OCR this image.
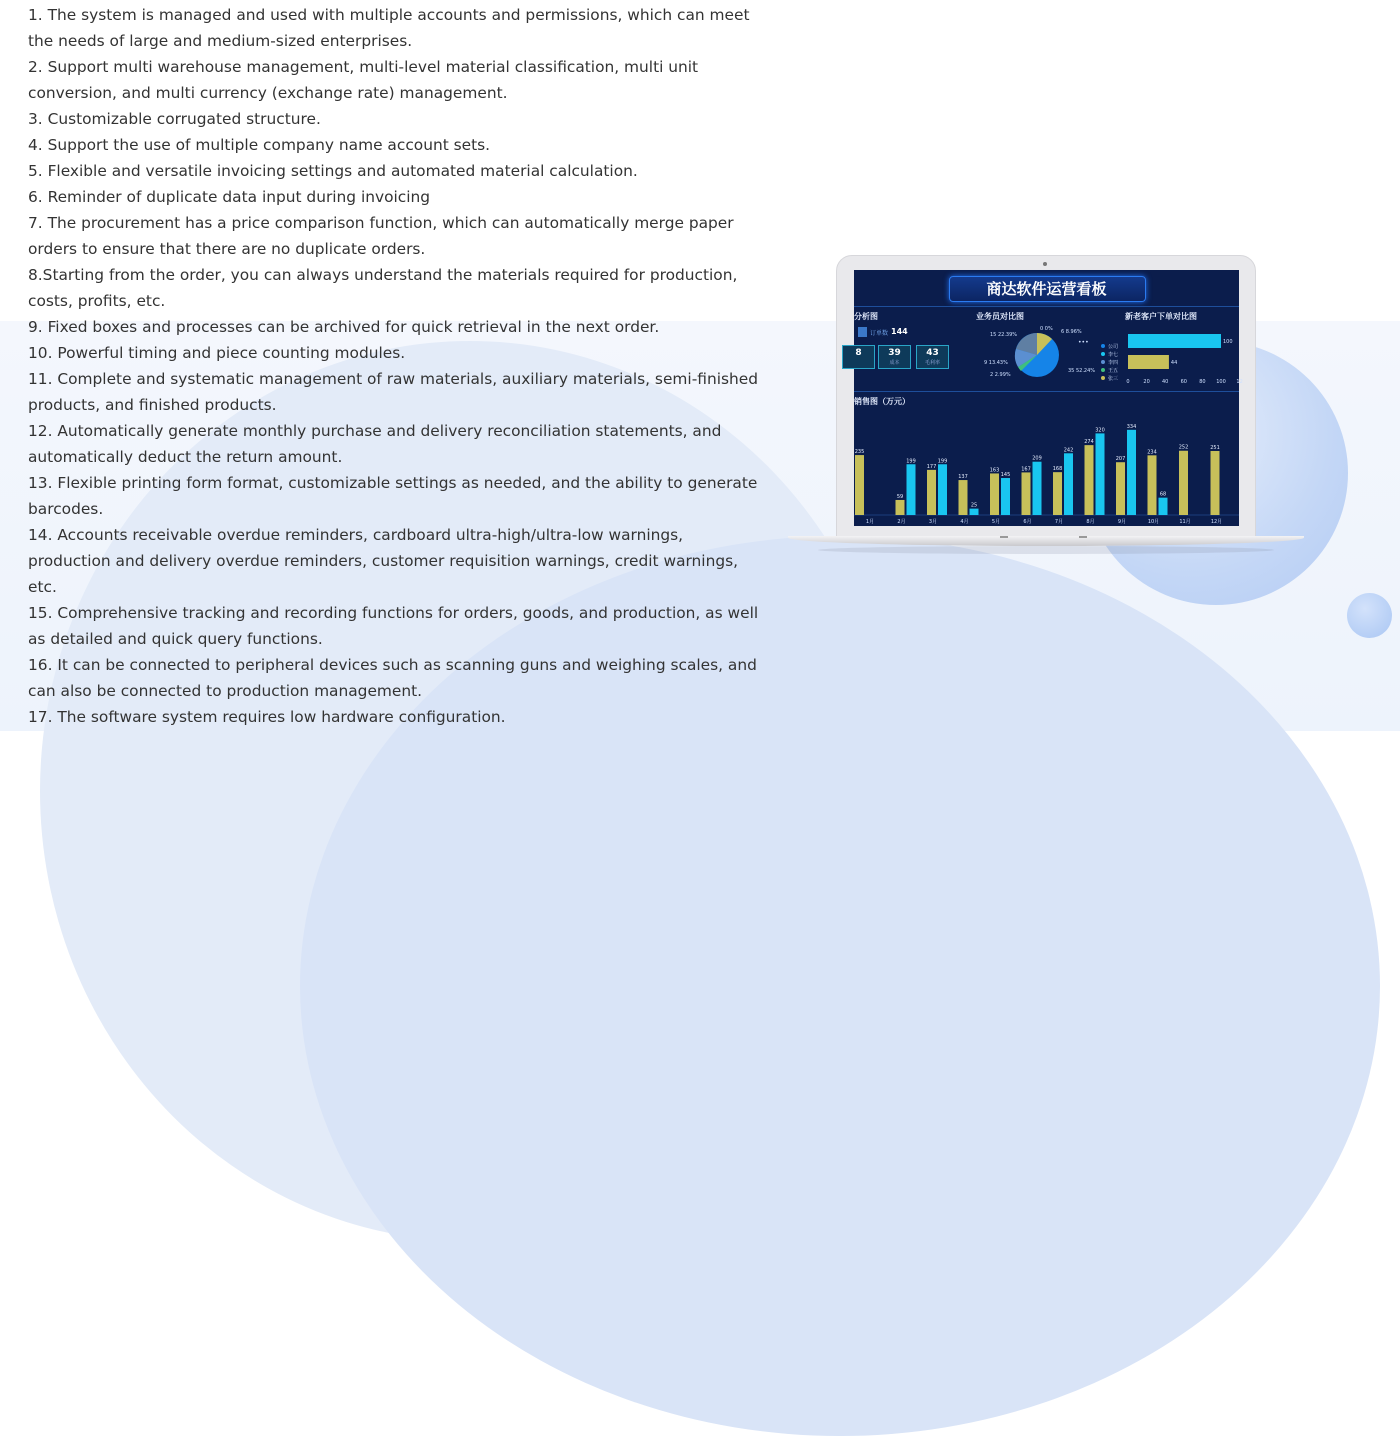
1. The system is managed and used with multiple accounts and permissions, which can meet the needs of large and medium-sized enterprises.
2. Support multi warehouse management, multi-level material classification, multi unit conversion, and multi currency (exchange rate) management.
3. Customizable corrugated structure.
4. Support the use of multiple company name account sets.
5. Flexible and versatile invoicing settings and automated material calculation.
6. Reminder of duplicate data input during invoicing
7. The procurement has a price comparison function, which can automatically merge paper orders to ensure that there are no duplicate orders.
8.Starting from the order, you can always understand the materials required for production, costs, profits, etc.
9. Fixed boxes and processes can be archived for quick retrieval in the next order.
10. Powerful timing and piece counting modules.
11. Complete and systematic management of raw materials, auxiliary materials, semi-finished products, and finished products.
12. Automatically generate monthly purchase and delivery reconciliation statements, and automatically deduct the return amount.
13. Flexible printing form format, customizable settings as needed, and the ability to generate barcodes.
14. Accounts receivable overdue reminders, cardboard ultra-high/ultra-low warnings, production and delivery overdue reminders, customer requisition warnings, credit warnings, etc.
15. Comprehensive tracking and recording functions for orders, goods, and production, as well as detailed and quick query functions.
16. It can be connected to peripheral devices such as scanning guns and weighing scales, and can also be connected to production management.
17. The software system requires low hardware configuration.
商达软件运营看板
分析图
订单数 144
8	39
成本
43
毛利率
业务员对比图
15 22.39%
0 0% 6 8.96%
9 13.43%
2 2.99%
35 52.24%
•••
公司
李七
李四
王五
张三
新老客户下单对比图
100
44
0	20 40 60 80 100 12
销售图（万元）
235
1月
199
59
2月
199
177
3月
25
137
4月
145
163
5月
209
167
6月
242
168
7月
320
274
8月
334
207
9月
68
234
10月
252
11月
251
12月
